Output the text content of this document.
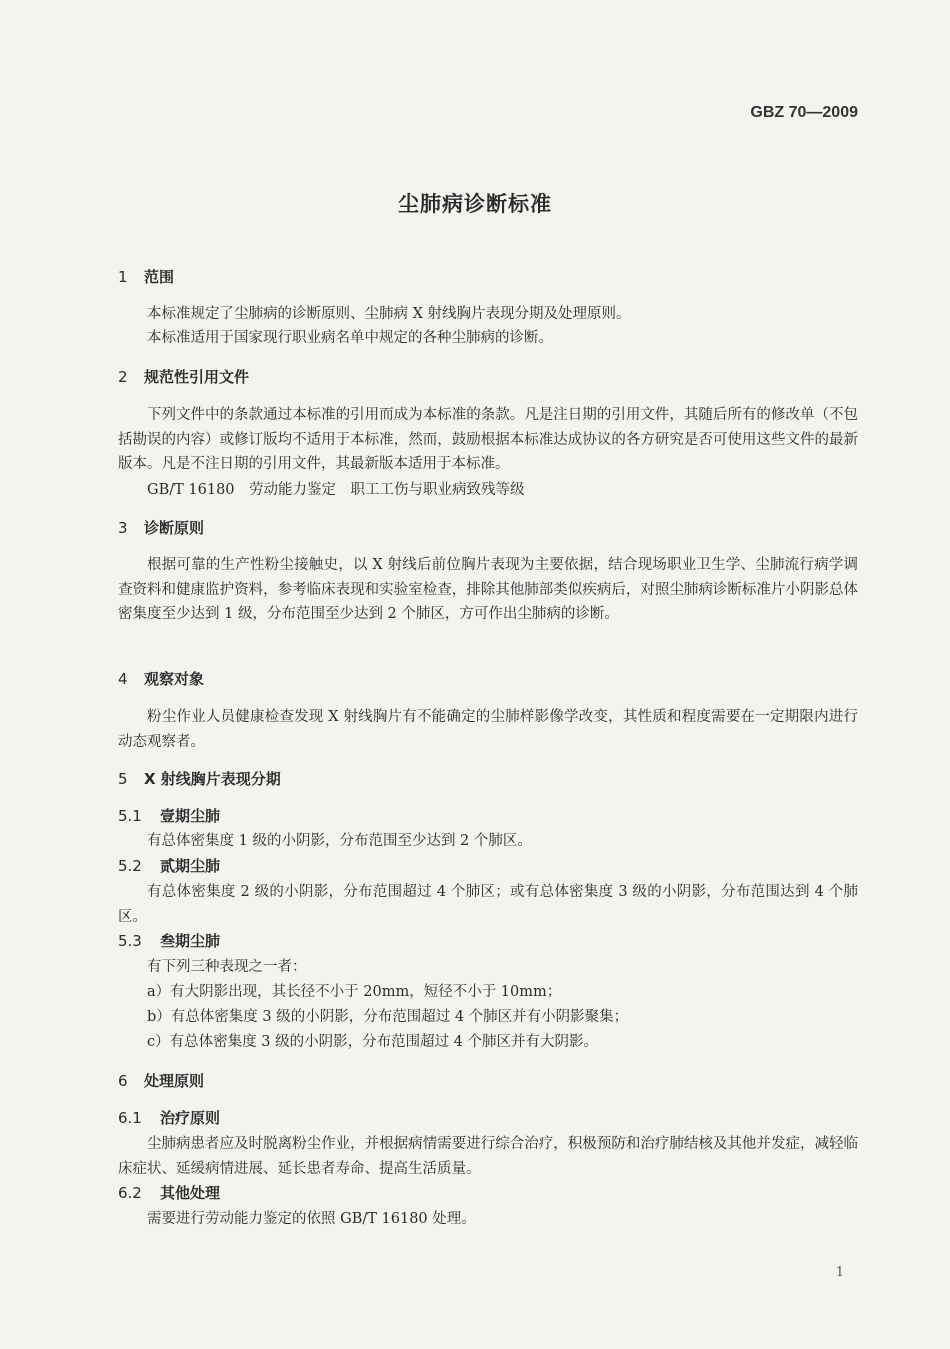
GBZ 70—2009
尘肺病诊断标准
1 范围
本标准规定了尘肺病的诊断原则、尘肺病 X 射线胸片表现分期及处理原则。
本标准适用于国家现行职业病名单中规定的各种尘肺病的诊断。
2 规范性引用文件
下列文件中的条款通过本标准的引用而成为本标准的条款。凡是注日期的引用文件，其随后所有的修改单（不包括勘误的内容）或修订版均不适用于本标准，然而，鼓励根据本标准达成协议的各方研究是否可使用这些文件的最新版本。凡是不注日期的引用文件，其最新版本适用于本标准。
GB/T 16180　劳动能力鉴定　职工工伤与职业病致残等级
3 诊断原则
根据可靠的生产性粉尘接触史，以 X 射线后前位胸片表现为主要依据，结合现场职业卫生学、尘肺流行病学调查资料和健康监护资料，参考临床表现和实验室检查，排除其他肺部类似疾病后，对照尘肺病诊断标准片小阴影总体密集度至少达到 1 级，分布范围至少达到 2 个肺区，方可作出尘肺病的诊断。
4 观察对象
粉尘作业人员健康检查发现 X 射线胸片有不能确定的尘肺样影像学改变，其性质和程度需要在一定期限内进行动态观察者。
5 X 射线胸片表现分期
5.1 壹期尘肺
有总体密集度 1 级的小阴影，分布范围至少达到 2 个肺区。
5.2 贰期尘肺
有总体密集度 2 级的小阴影，分布范围超过 4 个肺区；或有总体密集度 3 级的小阴影，分布范围达到 4 个肺区。
5.3 叁期尘肺
有下列三种表现之一者：
a）有大阴影出现，其长径不小于 20mm，短径不小于 10mm；
b）有总体密集度 3 级的小阴影，分布范围超过 4 个肺区并有小阴影聚集；
c）有总体密集度 3 级的小阴影，分布范围超过 4 个肺区并有大阴影。
6 处理原则
6.1 治疗原则
尘肺病患者应及时脱离粉尘作业，并根据病情需要进行综合治疗，积极预防和治疗肺结核及其他并发症，减轻临床症状、延缓病情进展、延长患者寿命、提高生活质量。
6.2 其他处理
需要进行劳动能力鉴定的依照 GB/T 16180 处理。
1
